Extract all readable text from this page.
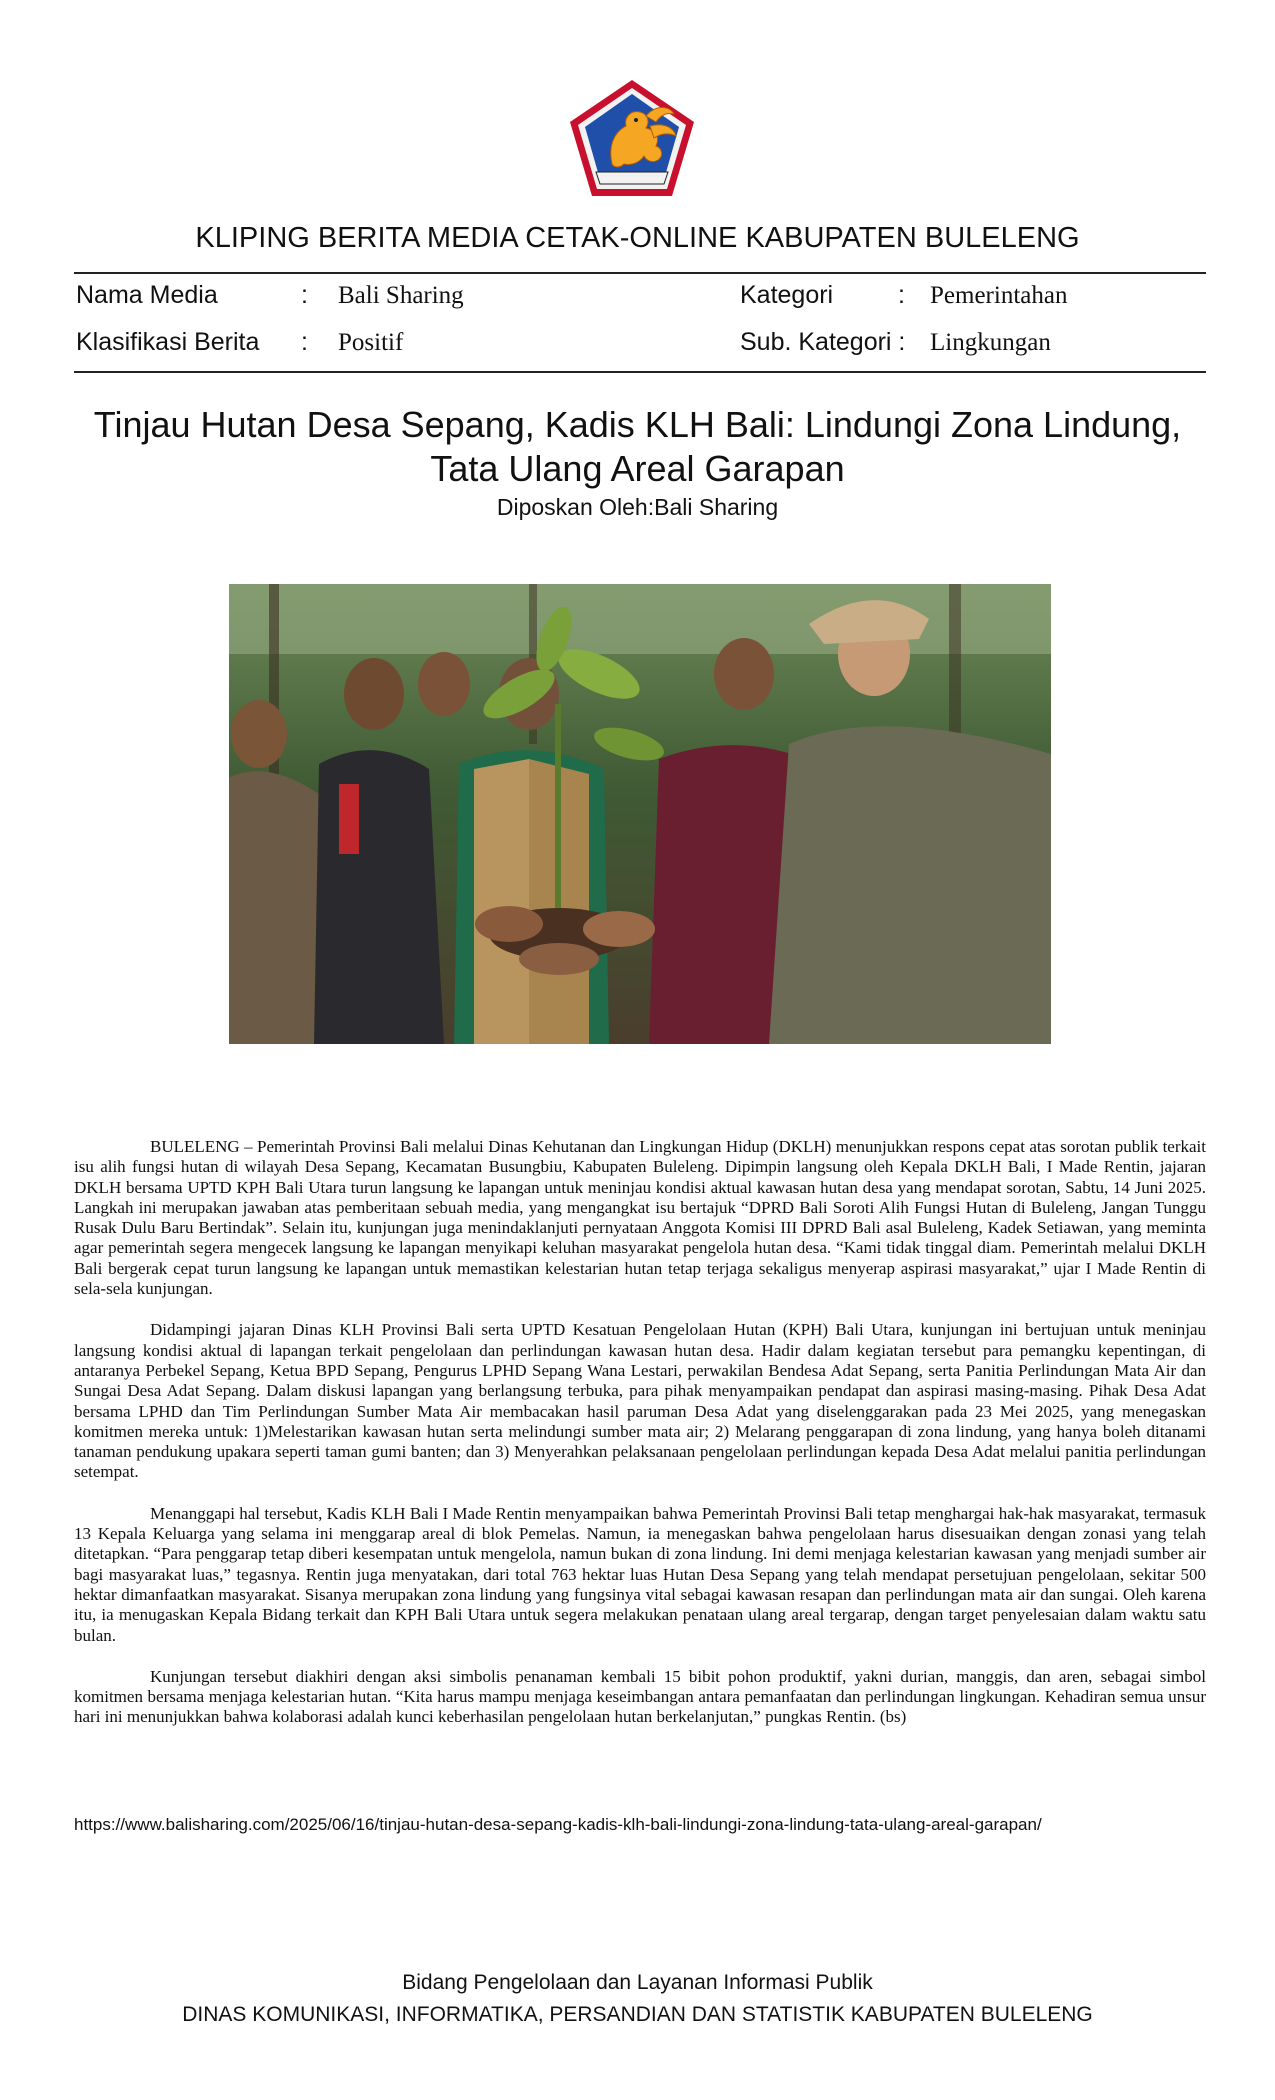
KLIPING BERITA MEDIA CETAK-ONLINE KABUPATEN BULELENG
Nama Media	: Bali Sharing
Klasifikasi Berita : Positif
Kategori	: Pemerintahan
Sub. Kategori : Lingkungan
Tinjau Hutan Desa Sepang, Kadis KLH Bali: Lindungi Zona Lindung, Tata Ulang Areal Garapan
Diposkan Oleh:Bali Sharing

BULELENG – Pemerintah Provinsi Bali melalui Dinas Kehutanan dan Lingkungan Hidup (DKLH) menunjukkan respons cepat atas sorotan publik terkait isu alih fungsi hutan di wilayah Desa Sepang, Kecamatan Busungbiu, Kabupaten Buleleng. Dipimpin langsung oleh Kepala DKLH Bali, I Made Rentin, jajaran DKLH bersama UPTD KPH Bali Utara turun langsung ke lapangan untuk meninjau kondisi aktual kawasan hutan desa yang mendapat sorotan, Sabtu, 14 Juni 2025. Langkah ini merupakan jawaban atas pemberitaan sebuah media, yang mengangkat isu bertajuk “DPRD Bali Soroti Alih Fungsi Hutan di Buleleng, Jangan Tunggu Rusak Dulu Baru Bertindak”. Selain itu, kunjungan juga menindaklanjuti pernyataan Anggota Komisi III DPRD Bali asal Buleleng, Kadek Setiawan, yang meminta agar pemerintah segera mengecek langsung ke lapangan menyikapi keluhan masyarakat pengelola hutan desa. “Kami tidak tinggal diam. Pemerintah melalui DKLH Bali bergerak cepat turun langsung ke lapangan untuk memastikan kelestarian hutan tetap terjaga sekaligus menyerap aspirasi masyarakat,” ujar I Made Rentin di sela-sela kunjungan.

Didampingi jajaran Dinas KLH Provinsi Bali serta UPTD Kesatuan Pengelolaan Hutan (KPH) Bali Utara, kunjungan ini bertujuan untuk meninjau langsung kondisi aktual di lapangan terkait pengelolaan dan perlindungan kawasan hutan desa. Hadir dalam kegiatan tersebut para pemangku kepentingan, di antaranya Perbekel Sepang, Ketua BPD Sepang, Pengurus LPHD Sepang Wana Lestari, perwakilan Bendesa Adat Sepang, serta Panitia Perlindungan Mata Air dan Sungai Desa Adat Sepang. Dalam diskusi lapangan yang berlangsung terbuka, para pihak menyampaikan pendapat dan aspirasi masing-masing. Pihak Desa Adat bersama LPHD dan Tim Perlindungan Sumber Mata Air membacakan hasil paruman Desa Adat yang diselenggarakan pada 23 Mei 2025, yang menegaskan komitmen mereka untuk: 1)Melestarikan kawasan hutan serta melindungi sumber mata air; 2) Melarang penggarapan di zona lindung, yang hanya boleh ditanami tanaman pendukung upakara seperti taman gumi banten; dan 3) Menyerahkan pelaksanaan pengelolaan perlindungan kepada Desa Adat melalui panitia perlindungan setempat.

Menanggapi hal tersebut, Kadis KLH Bali I Made Rentin menyampaikan bahwa Pemerintah Provinsi Bali tetap menghargai hak-hak masyarakat, termasuk 13 Kepala Keluarga yang selama ini menggarap areal di blok Pemelas. Namun, ia menegaskan bahwa pengelolaan harus disesuaikan dengan zonasi yang telah ditetapkan. “Para penggarap tetap diberi kesempatan untuk mengelola, namun bukan di zona lindung. Ini demi menjaga kelestarian kawasan yang menjadi sumber air bagi masyarakat luas,” tegasnya. Rentin juga menyatakan, dari total 763 hektar luas Hutan Desa Sepang yang telah mendapat persetujuan pengelolaan, sekitar 500 hektar dimanfaatkan masyarakat. Sisanya merupakan zona lindung yang fungsinya vital sebagai kawasan resapan dan perlindungan mata air dan sungai. Oleh karena itu, ia menugaskan Kepala Bidang terkait dan KPH Bali Utara untuk segera melakukan penataan ulang areal tergarap, dengan target penyelesaian dalam waktu satu bulan.

Kunjungan tersebut diakhiri dengan aksi simbolis penanaman kembali 15 bibit pohon produktif, yakni durian, manggis, dan aren, sebagai simbol komitmen bersama menjaga kelestarian hutan. “Kita harus mampu menjaga keseimbangan antara pemanfaatan dan perlindungan lingkungan. Kehadiran semua unsur hari ini menunjukkan bahwa kolaborasi adalah kunci keberhasilan pengelolaan hutan berkelanjutan,” pungkas Rentin. (bs)

https://www.balisharing.com/2025/06/16/tinjau-hutan-desa-sepang-kadis-klh-bali-lindungi-zona-lindung-tata-ulang-areal-garapan/
Bidang Pengelolaan dan Layanan Informasi Publik
DINAS KOMUNIKASI, INFORMATIKA, PERSANDIAN DAN STATISTIK KABUPATEN BULELENG
